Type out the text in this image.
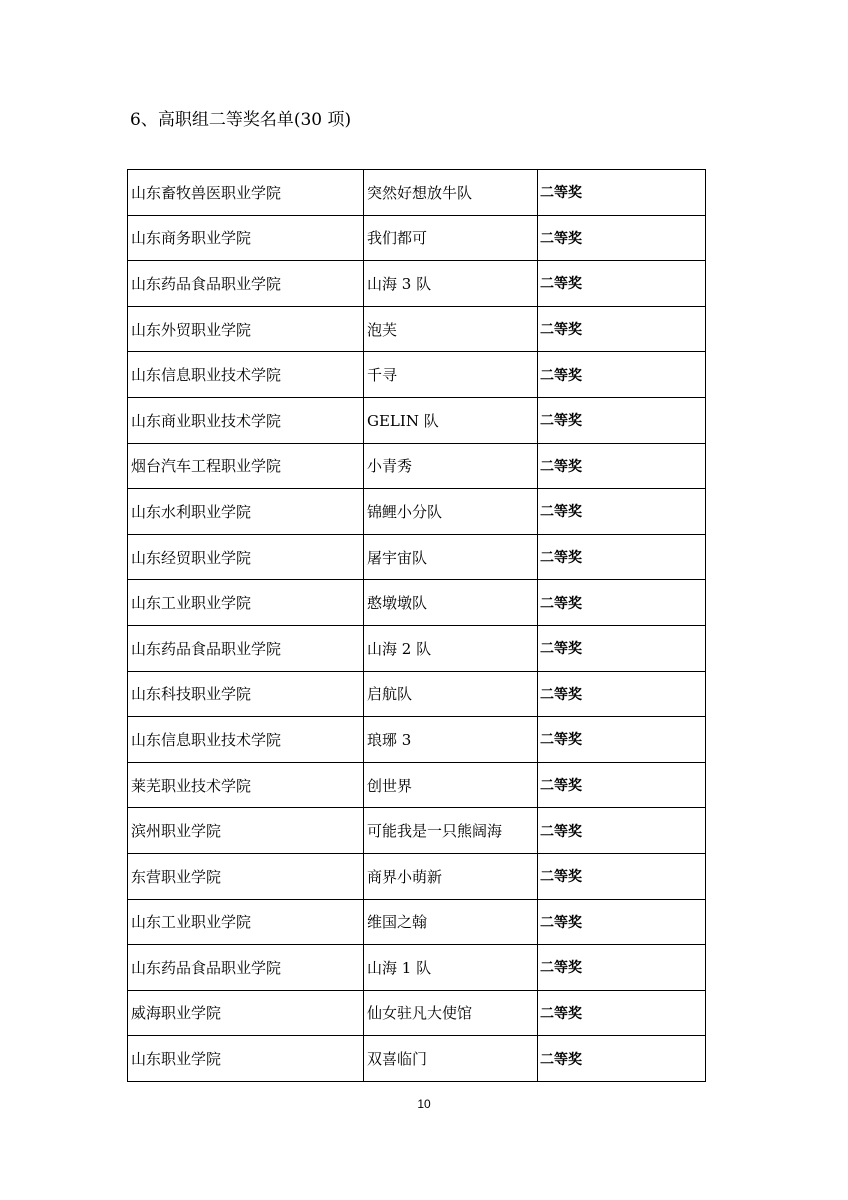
6、高职组二等奖名单(30 项)
山东畜牧兽医职业学院	突然好想放牛队	二等奖
山东商务职业学院	我们都可	二等奖
山东药品食品职业学院	山海 3 队	二等奖
山东外贸职业学院	泡芙	二等奖
山东信息职业技术学院	千寻	二等奖
山东商业职业技术学院	GELIN 队	二等奖
烟台汽车工程职业学院	小青秀	二等奖
山东水利职业学院	锦鲤小分队	二等奖
山东经贸职业学院	屠宇宙队	二等奖
山东工业职业学院	憨墩墩队	二等奖
山东药品食品职业学院	山海 2 队	二等奖
山东科技职业学院	启航队	二等奖
山东信息职业技术学院	琅琊 3	二等奖
莱芜职业技术学院	创世界	二等奖
滨州职业学院	可能我是一只熊阔海	二等奖
东营职业学院	商界小萌新	二等奖
山东工业职业学院	维国之翰	二等奖
山东药品食品职业学院	山海 1 队	二等奖
威海职业学院	仙女驻凡大使馆	二等奖
山东职业学院	双喜临门	二等奖
10
